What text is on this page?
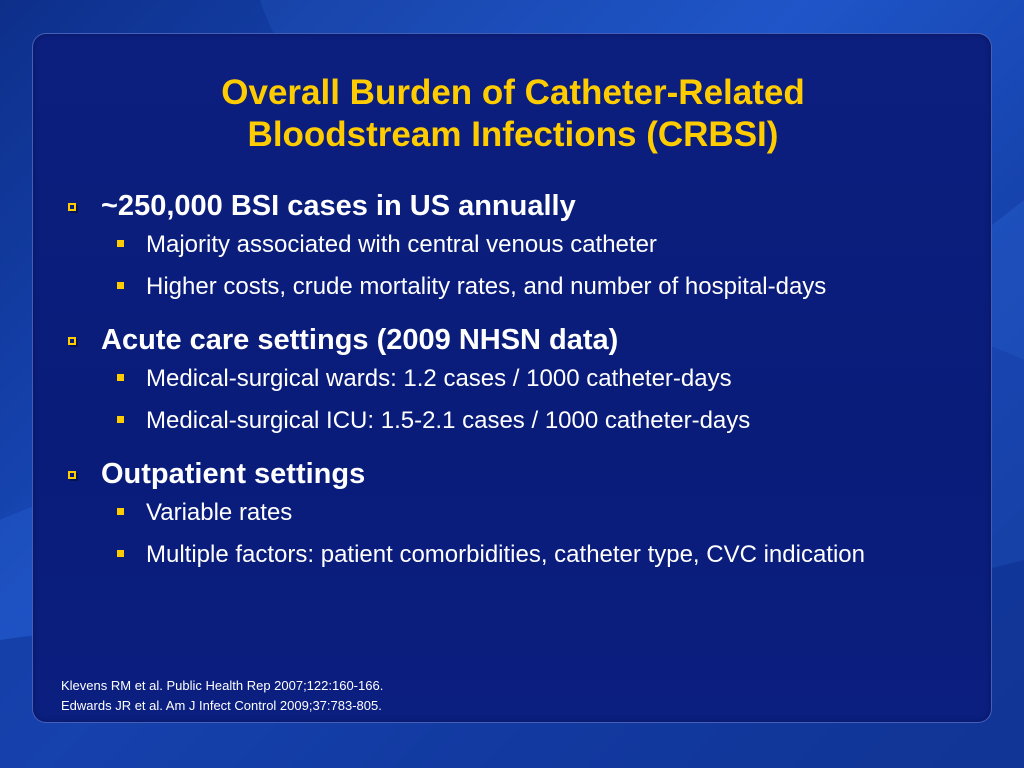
Overall Burden of Catheter-Related
Bloodstream Infections (CRBSI)
~250,000 BSI cases in US annually
Majority associated with central venous catheter
Higher costs, crude mortality rates, and number of hospital-days
Acute care settings (2009 NHSN data)
Medical-surgical wards: 1.2 cases / 1000 catheter-days
Medical-surgical ICU: 1.5-2.1 cases / 1000 catheter-days
Outpatient settings
Variable rates
Multiple factors: patient comorbidities, catheter type, CVC indication
Klevens RM et al. Public Health Rep 2007;122:160-166.
Edwards JR et al. Am J Infect Control 2009;37:783-805.
